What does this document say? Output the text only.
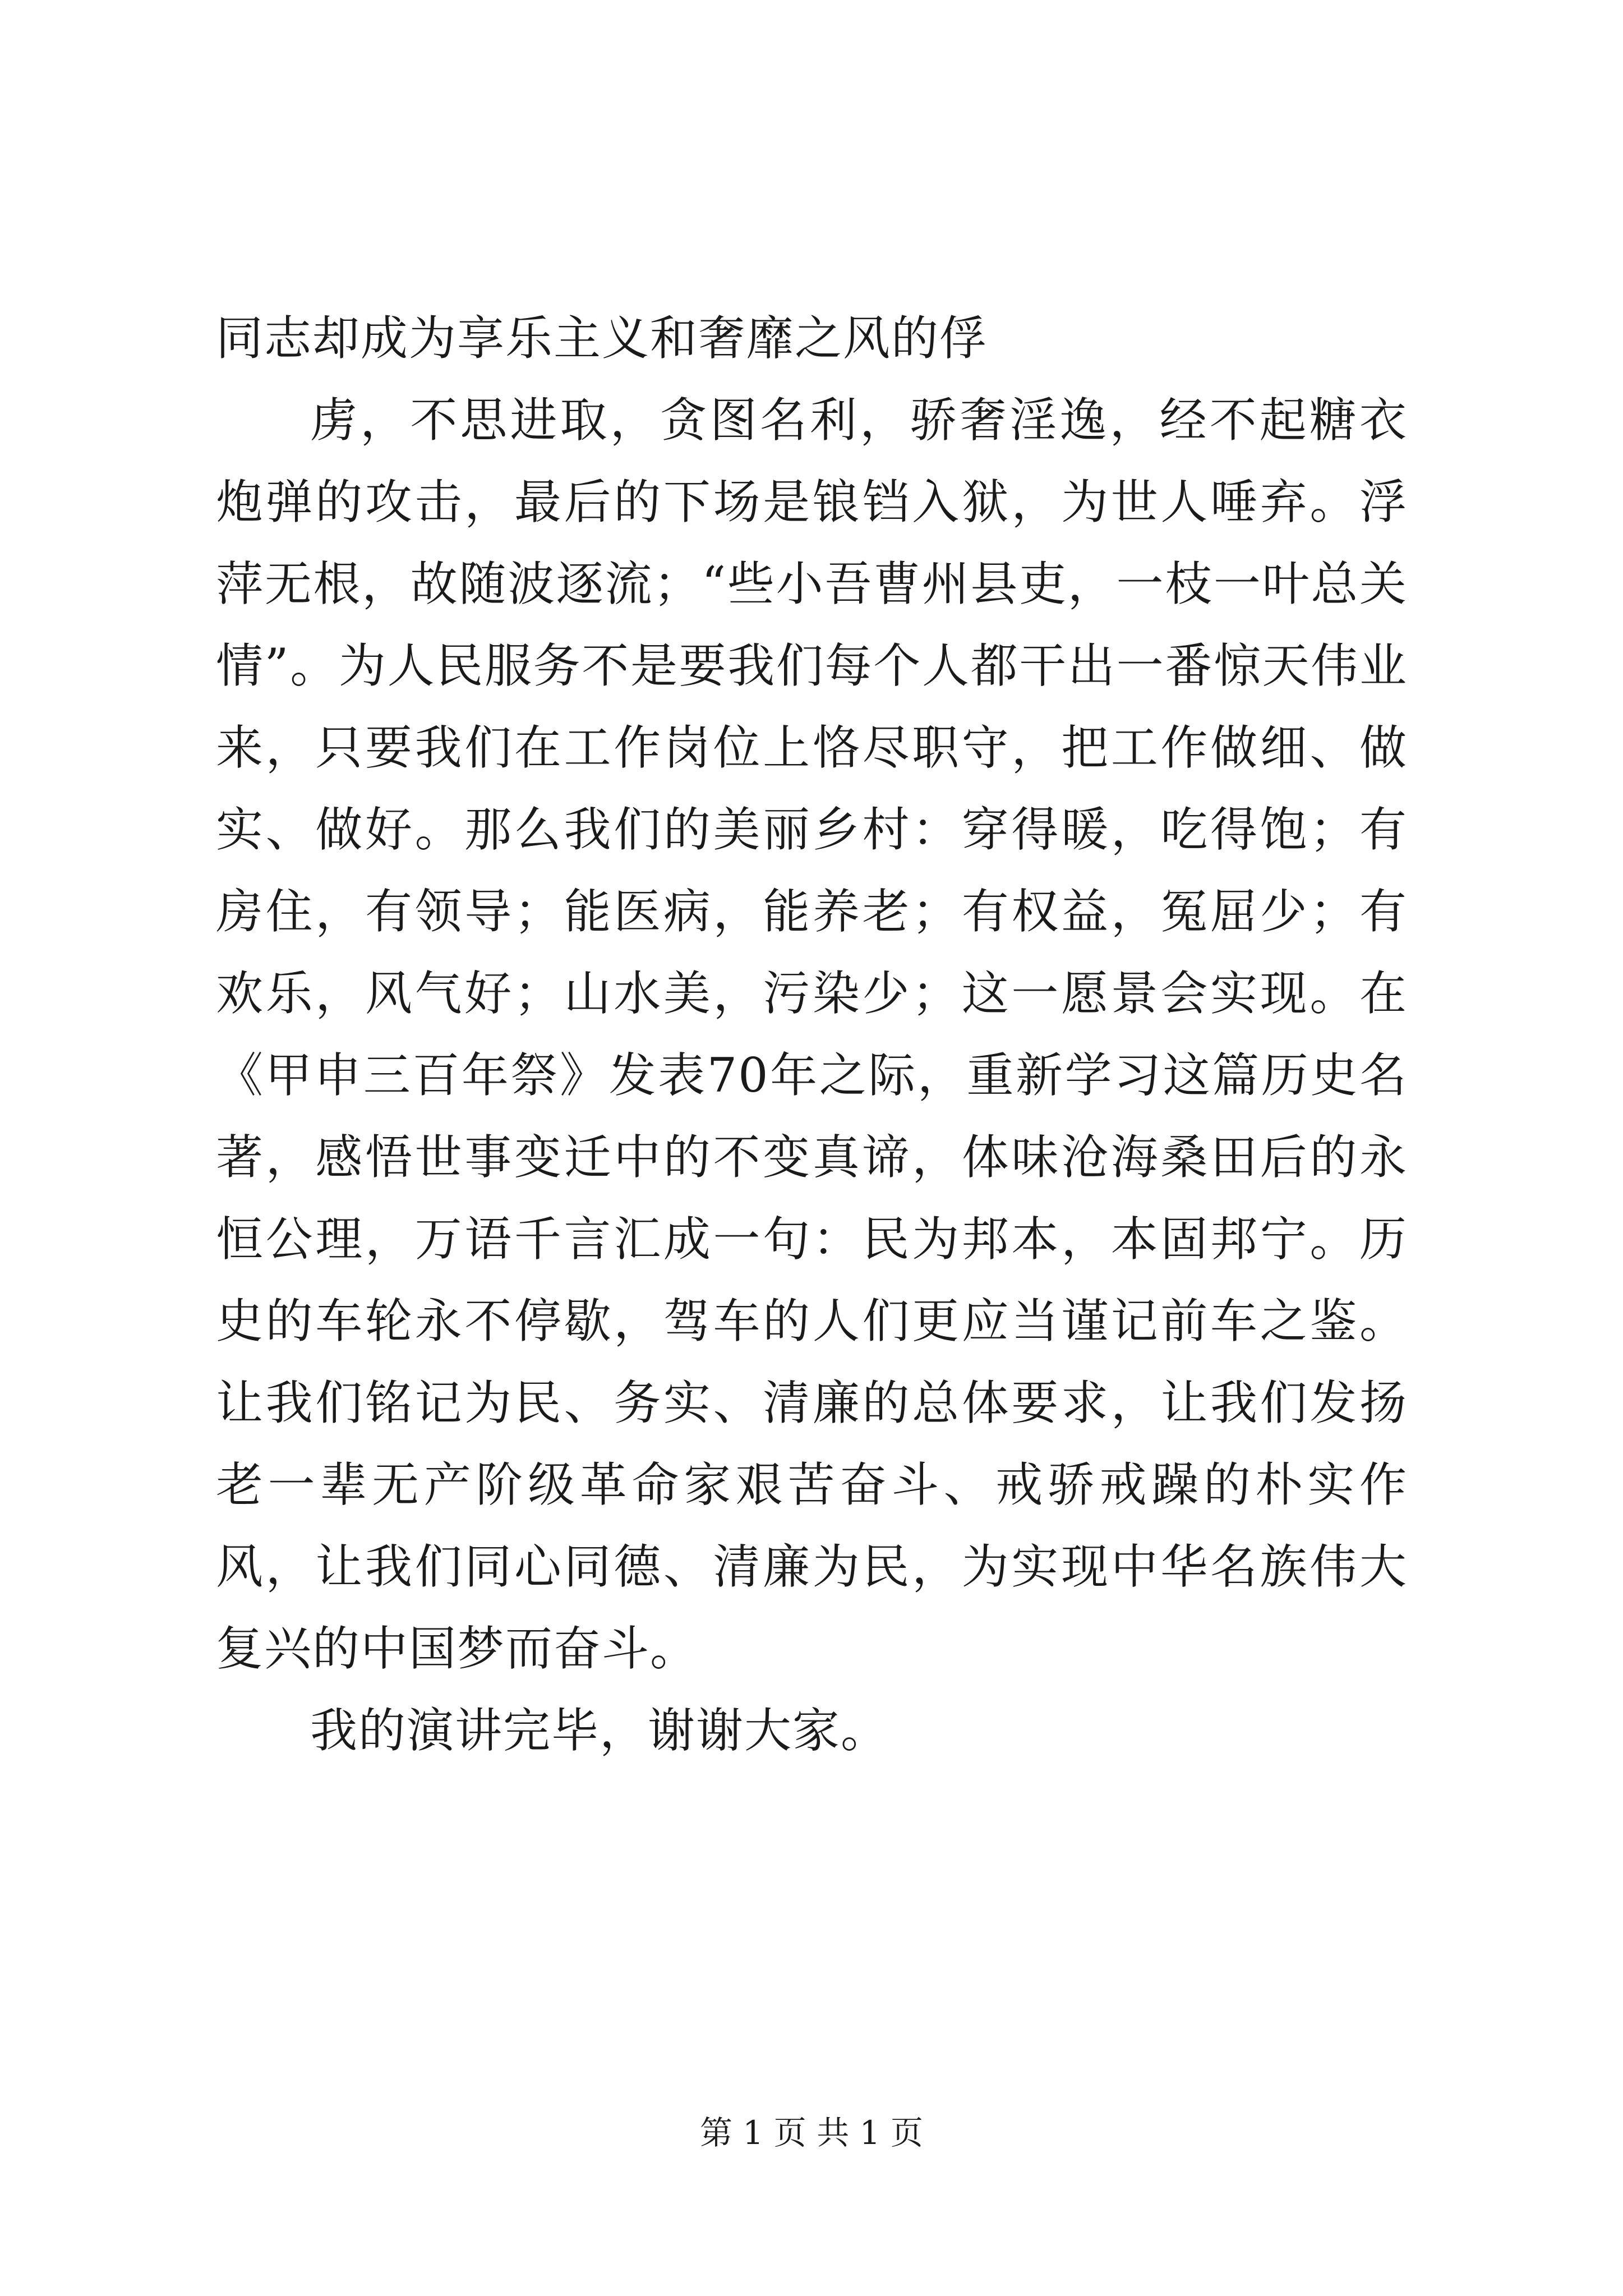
同志却成为享乐主义和奢靡之风的俘

虏，不思进取，贪图名利，骄奢淫逸，经不起糖衣炮弹的攻击，最后的下场是锒铛入狱，为世人唾弃。浮萍无根，故随波逐流；“些小吾曹州县吏，一枝一叶总关情”。为人民服务不是要我们每个人都干出一番惊天伟业来，只要我们在工作岗位上恪尽职守，把工作做细、做实、做好。那么我们的美丽乡村：穿得暖，吃得饱；有房住，有领导；能医病，能养老；有权益，冤屈少；有欢乐，风气好；山水美，污染少；这一愿景会实现。在《甲申三百年祭》发表70年之际，重新学习这篇历史名著，感悟世事变迁中的不变真谛，体味沧海桑田后的永恒公理，万语千言汇成一句：民为邦本，本固邦宁。历史的车轮永不停歇，驾车的人们更应当谨记前车之鉴。让我们铭记为民、务实、清廉的总体要求，让我们发扬老一辈无产阶级革命家艰苦奋斗、戒骄戒躁的朴实作风，让我们同心同德、清廉为民，为实现中华名族伟大复兴的中国梦而奋斗。

我的演讲完毕，谢谢大家。

第 1 页 共 1 页
